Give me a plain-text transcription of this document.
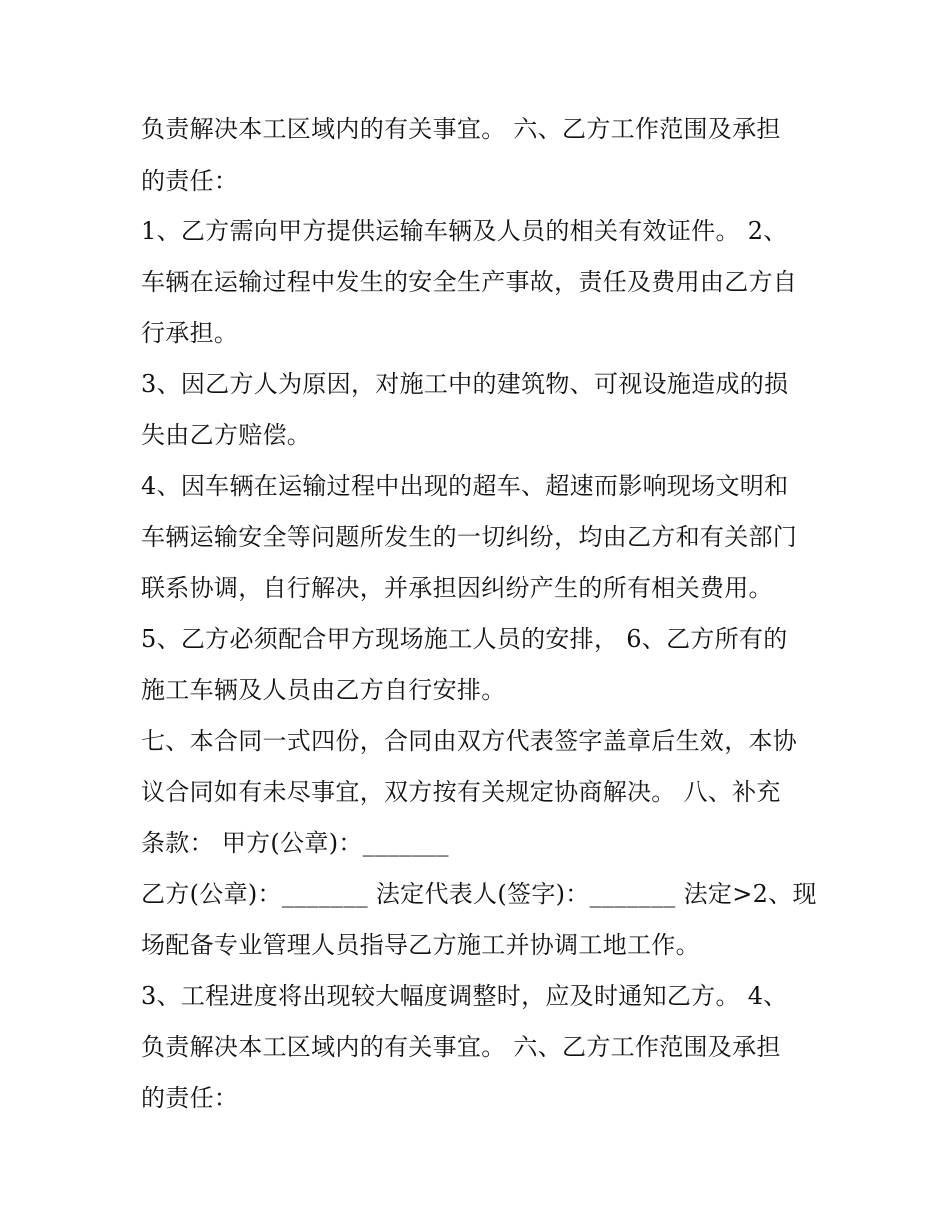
负责解决本工区域内的有关事宜。 六、乙方工作范围及承担

的责任：

1、乙方需向甲方提供运输车辆及人员的相关有效证件。 2、

车辆在运输过程中发生的安全生产事故，责任及费用由乙方自

行承担。

3、因乙方人为原因，对施工中的建筑物、可视设施造成的损

失由乙方赔偿。

4、因车辆在运输过程中出现的超车、超速而影响现场文明和

车辆运输安全等问题所发生的一切纠纷，均由乙方和有关部门

联系协调，自行解决，并承担因纠纷产生的所有相关费用。

5、乙方必须配合甲方现场施工人员的安排， 6、乙方所有的

施工车辆及人员由乙方自行安排。

七、本合同一式四份，合同由双方代表签字盖章后生效，本协

议合同如有未尽事宜，双方按有关规定协商解决。 八、补充

条款： 甲方(公章)：_______

乙方(公章)：_______ 法定代表人(签字)：_______ 法定>2、现

场配备专业管理人员指导乙方施工并协调工地工作。

3、工程进度将出现较大幅度调整时，应及时通知乙方。 4、

负责解决本工区域内的有关事宜。 六、乙方工作范围及承担

的责任：
